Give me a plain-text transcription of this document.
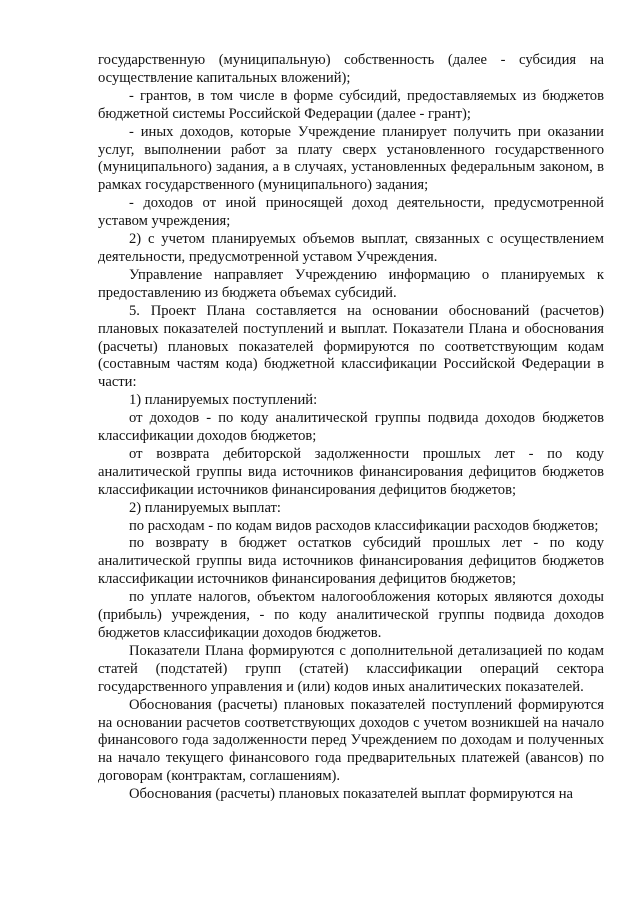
государственную (муниципальную) собственность (далее - субсидия на осуществление капитальных вложений);

- грантов, в том числе в форме субсидий, предоставляемых из бюджетов бюджетной системы Российской Федерации (далее - грант);

- иных доходов, которые Учреждение планирует получить при оказании услуг, выполнении работ за плату сверх установленного государственного (муниципального) задания, а в случаях, установленных федеральным законом, в рамках государственного (муниципального) задания;

- доходов от иной приносящей доход деятельности, предусмотренной уставом учреждения;

2) с учетом планируемых объемов выплат, связанных с осуществлением деятельности, предусмотренной уставом Учреждения.

Управление направляет Учреждению информацию о планируемых к предоставлению из бюджета объемах субсидий.

5. Проект Плана составляется на основании обоснований (расчетов) плановых показателей поступлений и выплат. Показатели Плана и обоснования (расчеты) плановых показателей формируются по соответствующим кодам (составным частям кода) бюджетной классификации Российской Федерации в части:

1) планируемых поступлений:

от доходов - по коду аналитической группы подвида доходов бюджетов классификации доходов бюджетов;

от возврата дебиторской задолженности прошлых лет - по коду аналитической группы вида источников финансирования дефицитов бюджетов классификации источников финансирования дефицитов бюджетов;

2) планируемых выплат:

по расходам - по кодам видов расходов классификации расходов бюджетов;

по возврату в бюджет остатков субсидий прошлых лет - по коду аналитической группы вида источников финансирования дефицитов бюджетов классификации источников финансирования дефицитов бюджетов;

по уплате налогов, объектом налогообложения которых являются доходы (прибыль) учреждения, - по коду аналитической группы подвида доходов бюджетов классификации доходов бюджетов.

Показатели Плана формируются с дополнительной детализацией по кодам статей (подстатей) групп (статей) классификации операций сектора государственного управления и (или) кодов иных аналитических показателей.

Обоснования (расчеты) плановых показателей поступлений формируются на основании расчетов соответствующих доходов с учетом возникшей на начало финансового года задолженности перед Учреждением по доходам и полученных на начало текущего финансового года предварительных платежей (авансов) по договорам (контрактам, соглашениям).

Обоснования (расчеты) плановых показателей выплат формируются на
